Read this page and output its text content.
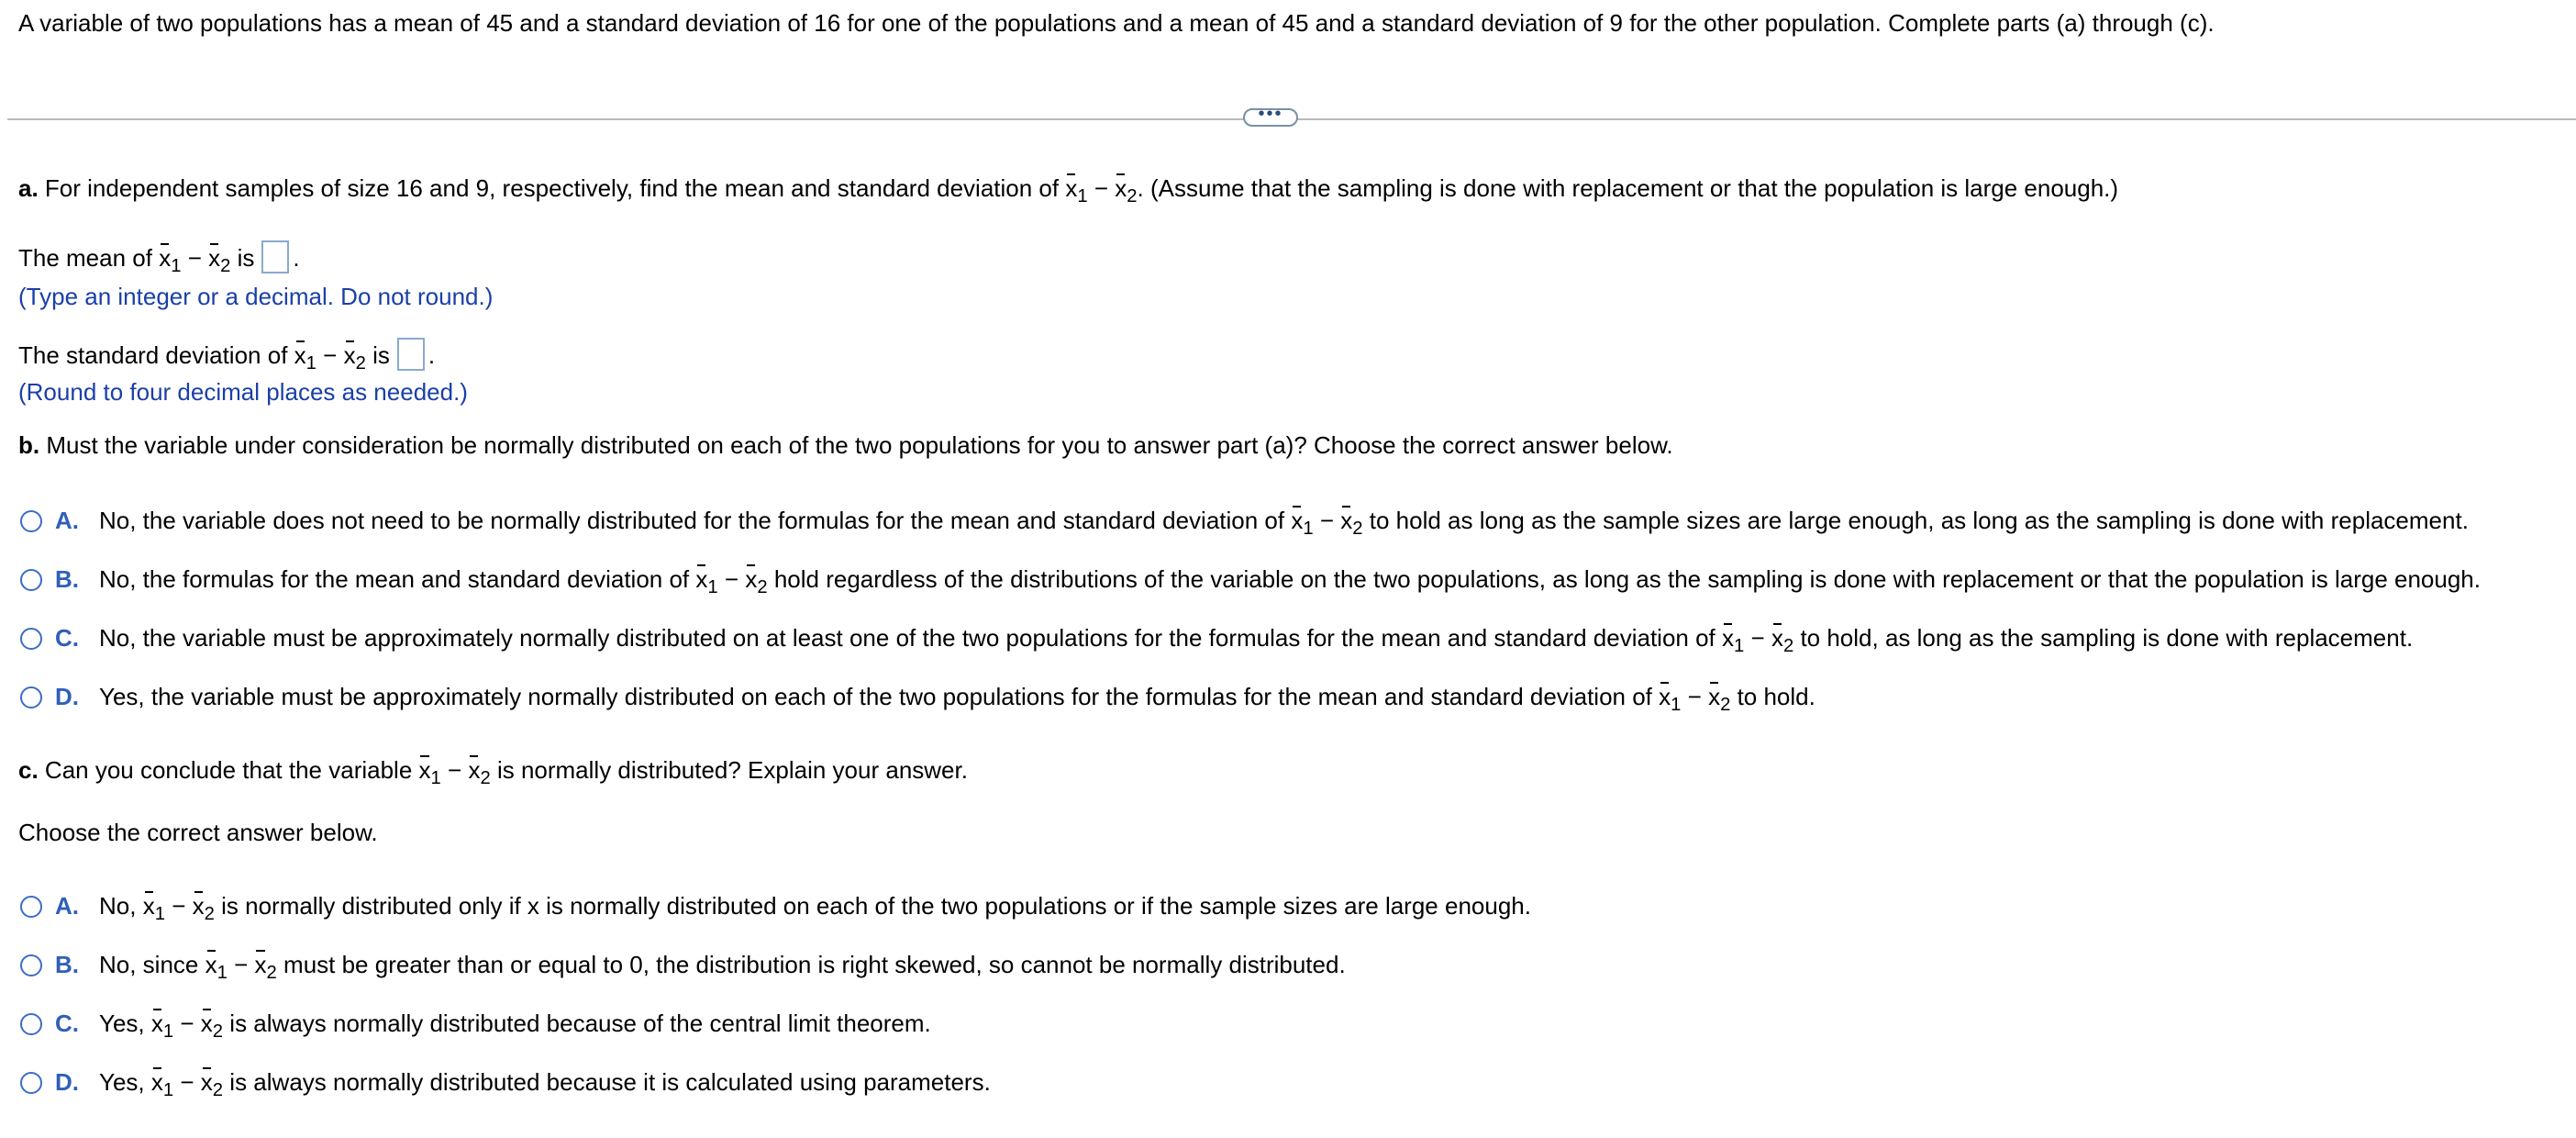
A variable of two populations has a mean of 45 and a standard deviation of 16 for one of the populations and a mean of 45 and a standard deviation of 9 for the other population. Complete parts (a) through (c).
•••
a. For independent samples of size 16 and 9, respectively, find the mean and standard deviation of $x_1 - x_2$. (Assume that the sampling is done with replacement or that the population is large enough.)
The mean of $x_1 - x_2$ is .
(Type an integer or a decimal. Do not round.)
The standard deviation of $x_1 - x_2$ is .
(Round to four decimal places as needed.)
b. Must the variable under consideration be normally distributed on each of the two populations for you to answer part (a)? Choose the correct answer below.
A. No, the variable does not need to be normally distributed for the formulas for the mean and standard deviation of $x_1 - x_2$ to hold as long as the sample sizes are large enough, as long as the sampling is done with replacement.
B. No, the formulas for the mean and standard deviation of $x_1 - x_2$ hold regardless of the distributions of the variable on the two populations, as long as the sampling is done with replacement or that the population is large enough.
C. No, the variable must be approximately normally distributed on at least one of the two populations for the formulas for the mean and standard deviation of $x_1 - x_2$ to hold, as long as the sampling is done with replacement.
D. Yes, the variable must be approximately normally distributed on each of the two populations for the formulas for the mean and standard deviation of $x_1 - x_2$ to hold.
c. Can you conclude that the variable $x_1 - x_2$ is normally distributed? Explain your answer.
Choose the correct answer below.
A. No, $x_1 - x_2$ is normally distributed only if x is normally distributed on each of the two populations or if the sample sizes are large enough.
B. No, since $x_1 - x_2$ must be greater than or equal to 0, the distribution is right skewed, so cannot be normally distributed.
C. Yes, $x_1 - x_2$ is always normally distributed because of the central limit theorem.
D. Yes, $x_1 - x_2$ is always normally distributed because it is calculated using parameters.
